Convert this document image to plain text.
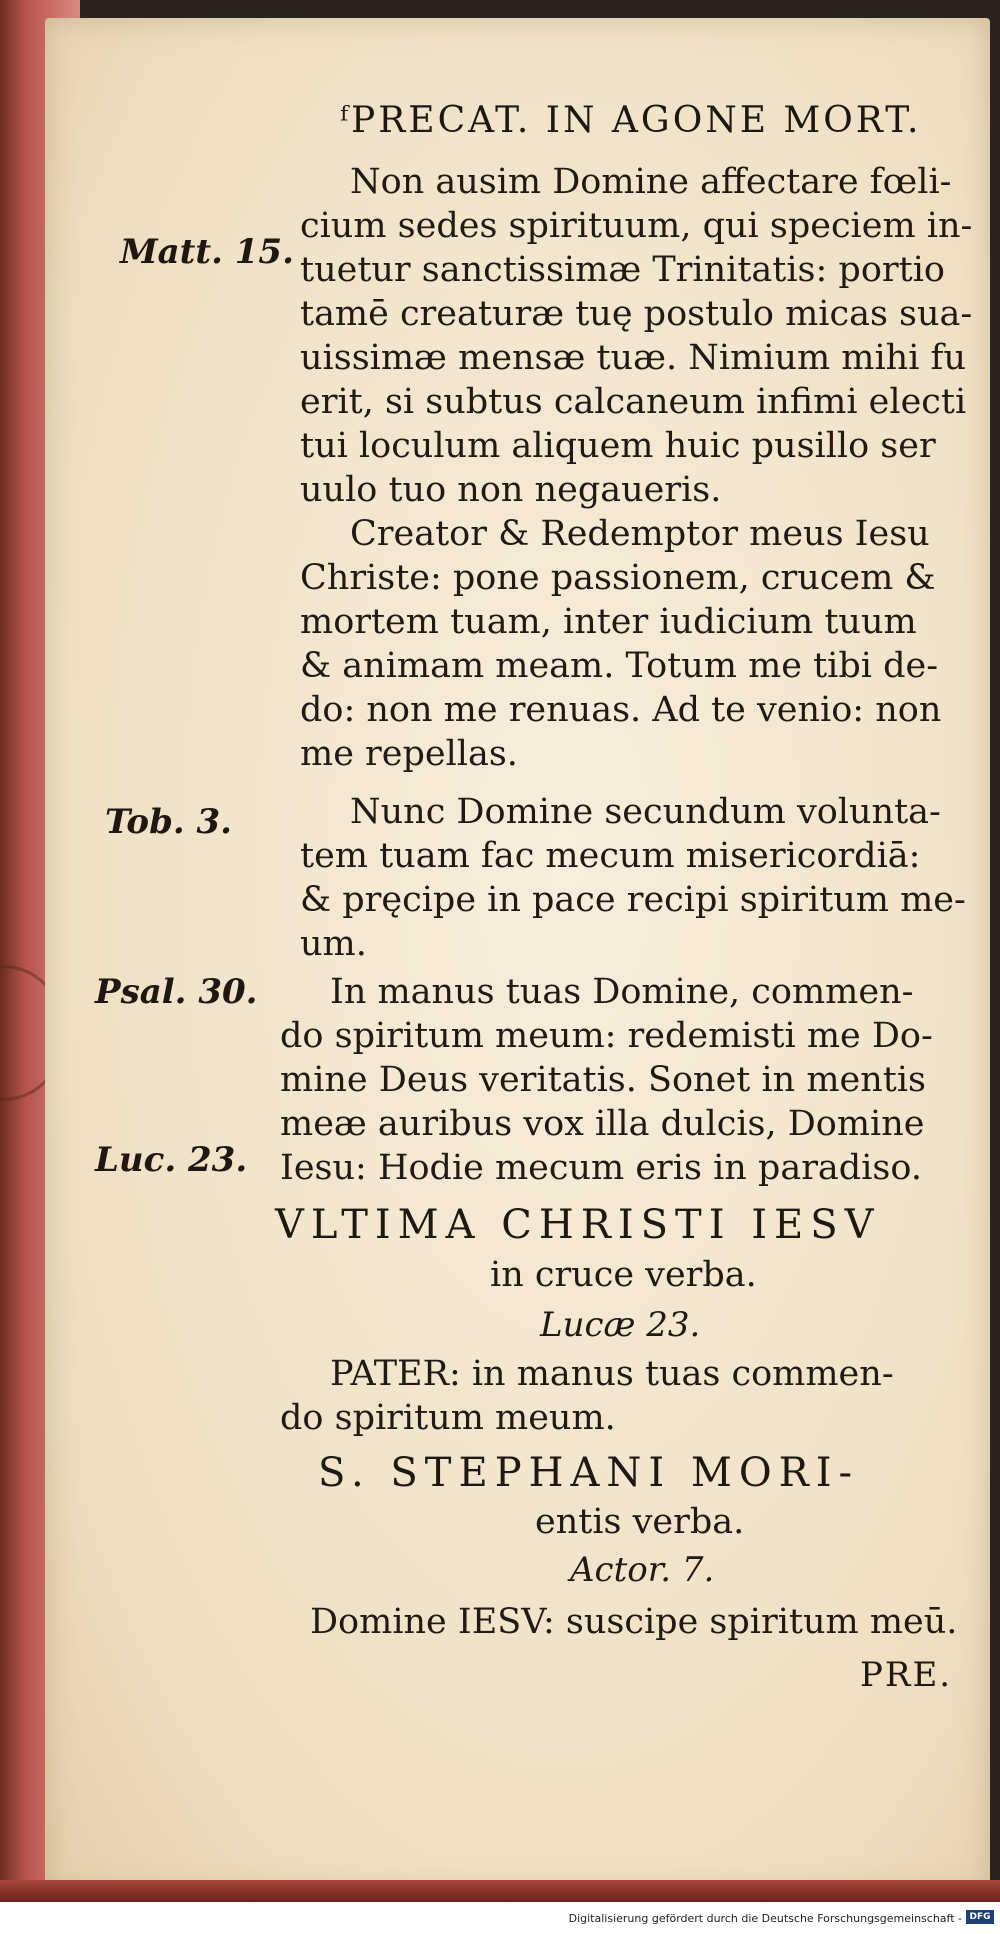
ᶠPRECAT. IN AGONE MORT.
Non ausim Domine affectare fœli-
cium sedes spirituum, qui speciem in-
tuetur sanctissimæ Trinitatis: portio
tamē creaturæ tuę postulo micas sua-
uissimæ mensæ tuæ. Nimium mihi fu
erit, si subtus calcaneum infimi electi
tui loculum aliquem huic pusillo ser
uulo tuo non negaueris.
Creator & Redemptor meus Iesu
Christe: pone passionem, crucem &
mortem tuam, inter iudicium tuum
& animam meam. Totum me tibi de-
do: non me renuas. Ad te venio: non
me repellas.
Nunc Domine secundum volunta-
tem tuam fac mecum misericordiā:
& pręcipe in pace recipi spiritum me-
um.
In manus tuas Domine, commen-
do spiritum meum: redemisti me Do-
mine Deus veritatis. Sonet in mentis
meæ auribus vox illa dulcis, Domine
Iesu: Hodie mecum eris in paradiso.
Matt. 15.
Tob. 3.
Psal. 30.
Luc. 23.
VLTIMA CHRISTI IESV
in cruce verba.
Lucæ 23.
PATER: in manus tuas commen-
do spiritum meum.
S. STEPHANI MORI-
entis verba.
Actor. 7.
Domine IESV: suscipe spiritum meū.
PRE.
Digitalisierung gefördert durch die Deutsche Forschungsgemeinschaft - DFG
